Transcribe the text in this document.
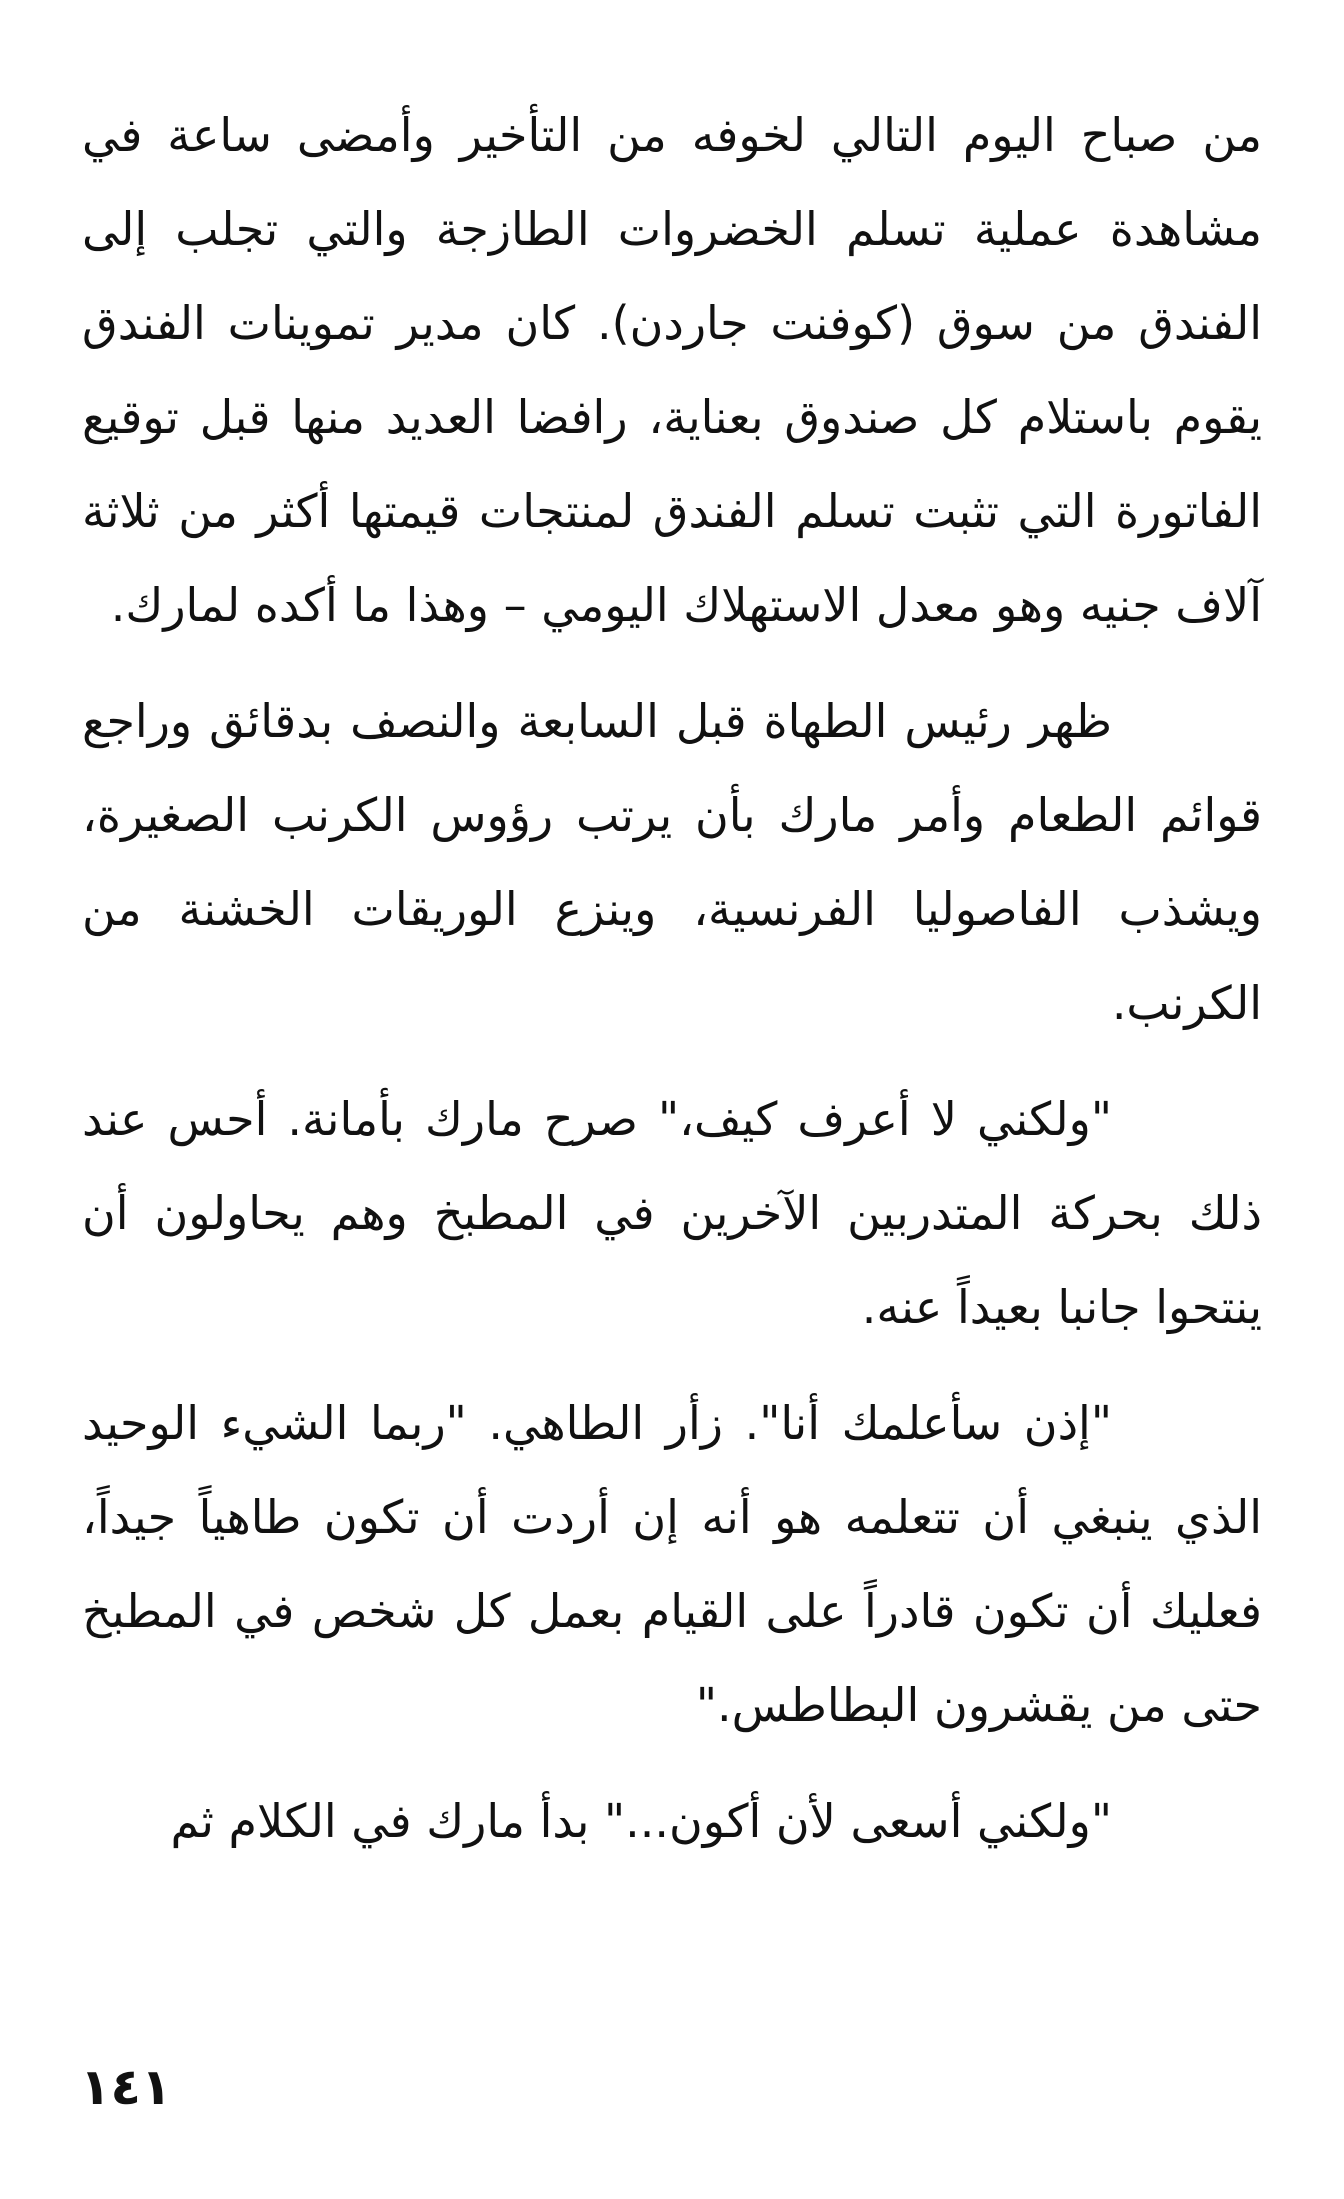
من صباح اليوم التالي لخوفه من التأخير وأمضى ساعة في مشاهدة عملية تسلم الخضروات الطازجة والتي تجلب إلى الفندق من سوق (كوفنت جاردن). كان مدير تموينات الفندق يقوم باستلام كل صندوق بعناية، رافضا العديد منها قبل توقيع الفاتورة التي تثبت تسلم الفندق لمنتجات قيمتها أكثر من ثلاثة آلاف جنيه وهو معدل الاستهلاك اليومي – وهذا ما أكده لمارك.

ظهر رئيس الطهاة قبل السابعة والنصف بدقائق وراجع قوائم الطعام وأمر مارك بأن يرتب رؤوس الكرنب الصغيرة، ويشذب الفاصوليا الفرنسية، وينزع الوريقات الخشنة من الكرنب.

"ولكني لا أعرف كيف،" صرح مارك بأمانة. أحس عند ذلك بحركة المتدربين الآخرين في المطبخ وهم يحاولون أن ينتحوا جانبا بعيداً عنه.

"إذن سأعلمك أنا". زأر الطاهي. "ربما الشيء الوحيد الذي ينبغي أن تتعلمه هو أنه إن أردت أن تكون طاهياً جيداً، فعليك أن تكون قادراً على القيام بعمل كل شخص في المطبخ حتى من يقشرون البطاطس."

"ولكني أسعى لأن أكون..." بدأ مارك في الكلام ثم

١٤١
